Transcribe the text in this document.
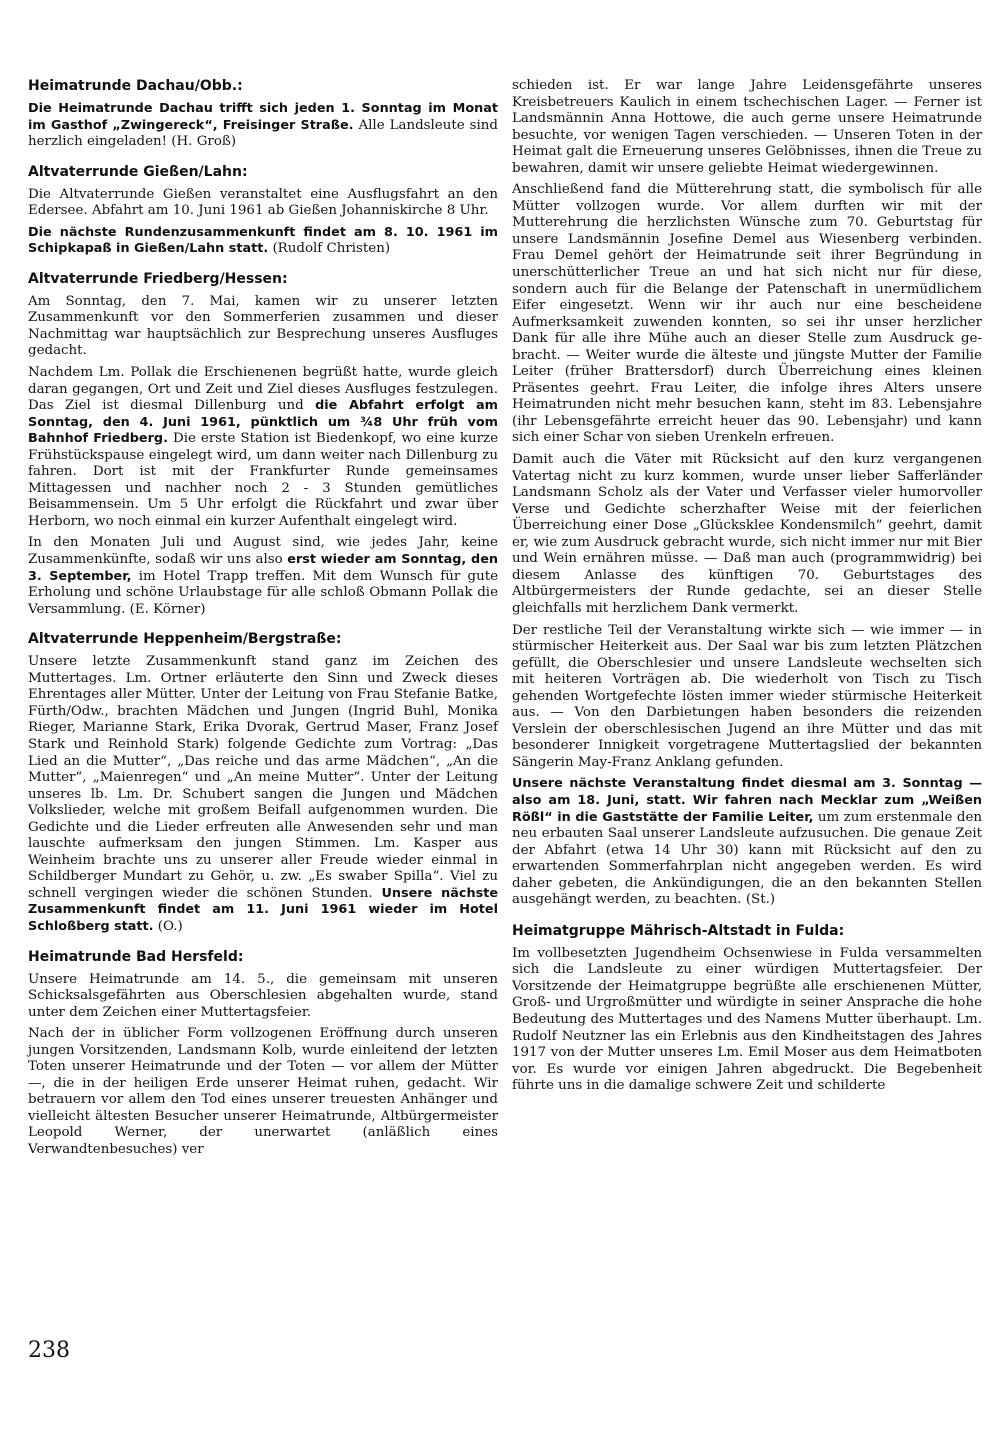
Heimatrunde Dachau/Obb.:

Die Heimatrunde Dachau trifft sich jeden 1. Sonntag im Monat im Gasthof „Zwingereck“, Freisinger Straße. Alle Landsleute sind herzlich eingeladen! (H. Groß)

Altvaterrunde Gießen/Lahn:

Die Altvaterrunde Gießen veranstaltet eine Ausflugsfahrt an den Edersee. Abfahrt am 10. Juni 1961 ab Gießen Johanniskirche 8 Uhr.

Die nächste Rundenzusammenkunft findet am 8. 10. 1961 im Schipkapaß in Gießen/Lahn statt. (Rudolf Christen)

Altvaterrunde Friedberg/Hessen:

Am Sonntag, den 7. Mai, kamen wir zu unserer letzten Zusammenkunft vor den Sommerferien zusammen und dieser Nachmittag war hauptsächlich zur Besprechung unseres Ausfluges gedacht.

Nachdem Lm. Pollak die Erschienenen begrüßt hatte, wurde gleich daran gegangen, Ort und Zeit und Ziel dieses Ausfluges festzulegen. Das Ziel ist diesmal Dillenburg und die Abfahrt erfolgt am Sonntag, den 4. Juni 1961, pünktlich um ¾8 Uhr früh vom Bahnhof Friedberg. Die erste Station ist Biedenkopf, wo eine kurze Frühstückspause eingelegt wird, um dann weiter nach Dillenburg zu fahren. Dort ist mit der Frankfurter Runde gemeinsames Mittagessen und nachher noch 2 - 3 Stunden gemütliches Beisammensein. Um 5 Uhr erfolgt die Rückfahrt und zwar über Herborn, wo noch einmal ein kurzer Aufenthalt eingelegt wird.

In den Monaten Juli und August sind, wie jedes Jahr, keine Zusammenkünfte, sodaß wir uns also erst wieder am Sonntag, den 3. September, im Hotel Trapp treffen. Mit dem Wunsch für gute Erholung und schöne Urlaubstage für alle schloß Obmann Pollak die Versammlung. (E. Körner)

Altvaterrunde Heppenheim/Bergstraße:

Unsere letzte Zusammenkunft stand ganz im Zeichen des Muttertages. Lm. Ortner erläuterte den Sinn und Zweck dieses Ehrentages aller Mütter. Unter der Leitung von Frau Stefanie Batke, Fürth/Odw., brachten Mädchen und Jungen (Ingrid Buhl, Monika Rieger, Marianne Stark, Erika Dvorak, Gertrud Maser, Franz Josef Stark und Reinhold Stark) folgende Gedichte zum Vortrag: „Das Lied an die Mutter“, „Das reiche und das arme Mädchen“, „An die Mutter“, „Maienregen“ und „An meine Mutter“. Unter der Leitung unseres lb. Lm. Dr. Schubert sangen die Jungen und Mädchen Volkslieder, welche mit großem Beifall aufgenommen wurden. Die Gedichte und die Lieder erfreuten alle Anwesenden sehr und man lauschte aufmerksam den jungen Stimmen. Lm. Kasper aus Weinheim brachte uns zu unserer aller Freude wieder einmal in Schildberger Mundart zu Gehör, u. zw. „Es swaber Spilla“. Viel zu schnell vergingen wieder die schönen Stunden. Unsere nächste Zusammenkunft findet am 11. Juni 1961 wieder im Hotel Schloßberg statt. (O.)

Heimatrunde Bad Hersfeld:

Unsere Heimatrunde am 14. 5., die gemeinsam mit unseren Schicksalsgefährten aus Oberschlesien abgehalten wurde, stand unter dem Zeichen einer Muttertagsfeier.

Nach der in üblicher Form vollzogenen Eröffnung durch unseren jungen Vorsitzenden, Landsmann Kolb, wurde einleitend der letzten Toten unserer Heimatrunde und der Toten — vor allem der Mütter —, die in der heiligen Erde unserer Heimat ruhen, gedacht. Wir betrauern vor allem den Tod eines unserer treuesten Anhänger und vielleicht ältesten Besucher unserer Heimatrunde, Altbürgermeister Leopold Werner, der unerwartet (anläßlich eines Verwandtenbesuches) ver

schieden ist. Er war lange Jahre Leidensgefährte unseres Kreisbetreuers Kaulich in einem tschechischen Lager. — Ferner ist Landsmännin Anna Hottowe, die auch gerne unsere Heimatrunde besuchte, vor wenigen Tagen verschieden. — Unseren Toten in der Heimat galt die Erneuerung unseres Gelöbnisses, ihnen die Treue zu bewahren, damit wir unsere geliebte Heimat wiedergewinnen.

Anschließend fand die Mütterehrung statt, die symbolisch für alle Mütter vollzogen wurde. Vor allem durften wir mit der Mutterehrung die herzlichsten Wünsche zum 70. Geburtstag für unsere Landsmännin Josefine Demel aus Wiesenberg verbinden. Frau Demel gehört der Heimatrunde seit ihrer Begründung in unerschütterlicher Treue an und hat sich nicht nur für diese, sondern auch für die Belange der Patenschaft in unermüdlichem Eifer eingesetzt. Wenn wir ihr auch nur eine bescheidene Aufmerksamkeit zuwenden konnten, so sei ihr unser herzlicher Dank für alle ihre Mühe auch an dieser Stelle zum Ausdruck gebracht. — Weiter wurde die älteste und jüngste Mutter der Familie Leiter (früher Brattersdorf) durch Überreichung eines kleinen Präsentes geehrt. Frau Leiter, die infolge ihres Alters unsere Heimatrunden nicht mehr besuchen kann, steht im 83. Lebensjahre (ihr Lebensgefährte erreicht heuer das 90. Lebensjahr) und kann sich einer Schar von sieben Urenkeln erfreuen.

Damit auch die Väter mit Rücksicht auf den kurz vergangenen Vatertag nicht zu kurz kommen, wurde unser lieber Safferländer Landsmann Scholz als der Vater und Verfasser vieler humorvoller Verse und Gedichte scherzhafter Weise mit der feierlichen Überreichung einer Dose „Glücksklee Kondensmilch“ geehrt, damit er, wie zum Ausdruck gebracht wurde, sich nicht immer nur mit Bier und Wein ernähren müsse. — Daß man auch (programmwidrig) bei diesem Anlasse des künftigen 70. Geburtstages des Altbürgermeisters der Runde gedachte, sei an dieser Stelle gleichfalls mit herzlichem Dank vermerkt.

Der restliche Teil der Veranstaltung wirkte sich — wie immer — in stürmischer Heiterkeit aus. Der Saal war bis zum letzten Plätzchen gefüllt, die Oberschlesier und unsere Landsleute wechselten sich mit heiteren Vorträgen ab. Die wiederholt von Tisch zu Tisch gehenden Wortgefechte lösten immer wieder stürmische Heiterkeit aus. — Von den Darbietungen haben besonders die reizenden Verslein der oberschlesischen Jugend an ihre Mütter und das mit besonderer Innigkeit vorgetragene Muttertagslied der bekannten Sängerin May-Franz Anklang gefunden.

Unsere nächste Veranstaltung findet diesmal am 3. Sonntag — also am 18. Juni, statt. Wir fahren nach Mecklar zum „Weißen Rößl“ in die Gaststätte der Familie Leiter, um zum erstenmale den neu erbauten Saal unserer Landsleute aufzusuchen. Die genaue Zeit der Abfahrt (etwa 14 Uhr 30) kann mit Rücksicht auf den zu erwartenden Sommerfahrplan nicht angegeben werden. Es wird daher gebeten, die Ankündigungen, die an den bekannten Stellen ausgehängt werden, zu beachten. (St.)

Heimatgruppe Mährisch-Altstadt in Fulda:

Im vollbesetzten Jugendheim Ochsenwiese in Fulda versammelten sich die Landsleute zu einer würdigen Muttertagsfeier. Der Vorsitzende der Heimatgruppe begrüßte alle erschienenen Mütter, Groß- und Urgroßmütter und würdigte in seiner Ansprache die hohe Bedeutung des Muttertages und des Namens Mutter überhaupt. Lm. Rudolf Neutzner las ein Erlebnis aus den Kindheitstagen des Jahres 1917 von der Mutter unseres Lm. Emil Moser aus dem Heimatboten vor. Es wurde vor einigen Jahren abgedruckt. Die Begebenheit führte uns in die damalige schwere Zeit und schilderte

238
